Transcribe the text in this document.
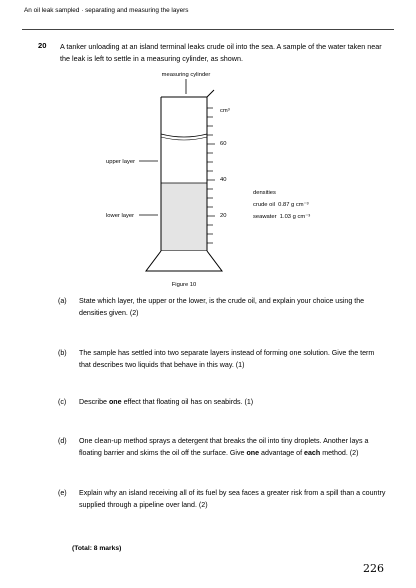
An oil leak sampled · separating and measuring the layers
20 A tanker unloading at an island terminal leaks crude oil into the sea. A sample of the water taken near the leak is left to settle in a measuring cylinder, as shown.
measuring cylinder
cm³
60
40
20
upper layer
lower layer
densities
crude oil  0.87 g cm⁻³
seawater  1.03 g cm⁻³
Figure 10
(a) State which layer, the upper or the lower, is the crude oil, and explain your choice using the densities given. (2)
(b) The sample has settled into two separate layers instead of forming one solution. Give the term that describes two liquids that behave in this way. (1)
(c) Describe one effect that floating oil has on seabirds. (1)
(d) One clean-up method sprays a detergent that breaks the oil into tiny droplets. Another lays a floating barrier and skims the oil off the surface. Give one advantage of each method. (2)
(e) Explain why an island receiving all of its fuel by sea faces a greater risk from a spill than a country supplied through a pipeline over land. (2)
(Total: 8 marks)
226
